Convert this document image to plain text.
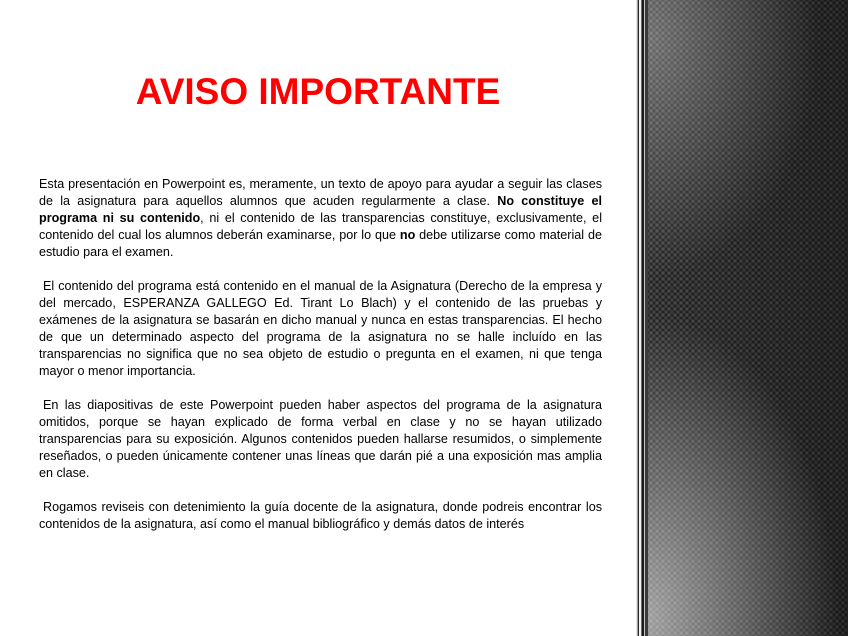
AVISO IMPORTANTE

Esta presentación en Powerpoint es, meramente, un texto de apoyo para ayudar a seguir las clases de la asignatura para aquellos alumnos que acuden regularmente a clase. No constituye el programa ni su contenido, ni el contenido de las transparencias constituye, exclusivamente, el contenido del cual los alumnos deberán examinarse, por lo que no debe utilizarse como material de estudio para el examen.

El contenido del programa está contenido en el manual de la Asignatura (Derecho de la empresa y del mercado, ESPERANZA GALLEGO Ed. Tirant Lo Blach) y el contenido de las pruebas y exámenes de la asignatura se basarán en dicho manual y nunca en estas transparencias. El hecho de que un determinado aspecto del programa de la asignatura no se halle incluído en las transparencias no significa que no sea objeto de estudio o pregunta en el examen, ni que tenga mayor o menor importancia.

En las diapositivas de este Powerpoint pueden haber aspectos del programa de la asignatura omitidos, porque se hayan explicado de forma verbal en clase y no se hayan utilizado transparencias para su exposición. Algunos contenidos pueden hallarse resumidos, o simplemente reseñados, o pueden únicamente contener unas líneas que darán pié a una exposición mas amplia en clase.

Rogamos reviseis con detenimiento la guía docente de la asignatura, donde podreis encontrar los contenidos de la asignatura, así como el manual bibliográfico y demás datos de interés
